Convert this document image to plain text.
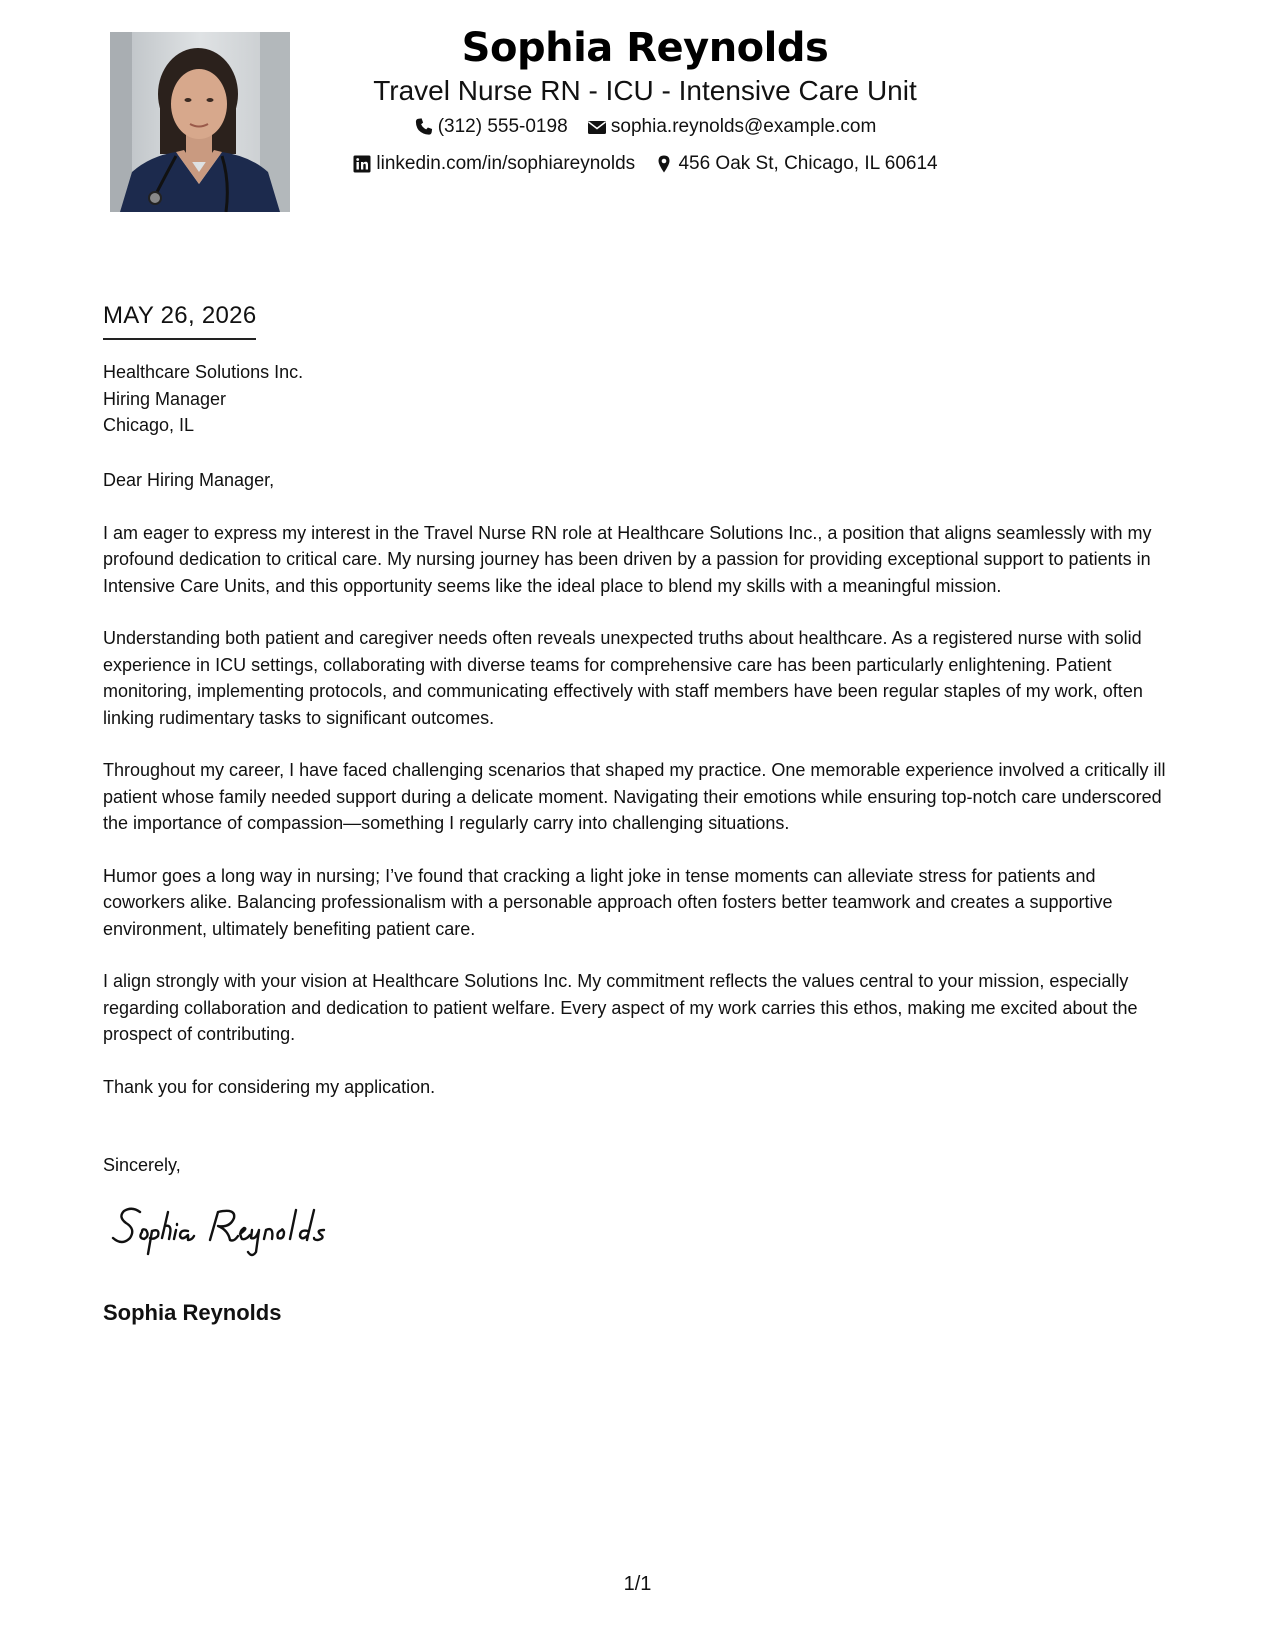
Sophia Reynolds
Travel Nurse RN - ICU - Intensive Care Unit
(312) 555-0198
sophia.reynolds@example.com
linkedin.com/in/sophiareynolds
456 Oak St, Chicago, IL 60614
MAY 26, 2026
Healthcare Solutions Inc.
Hiring Manager
Chicago, IL

Dear Hiring Manager,

I am eager to express my interest in the Travel Nurse RN role at Healthcare Solutions Inc., a position that aligns seamlessly with my profound dedication to critical care. My nursing journey has been driven by a passion for providing exceptional support to patients in Intensive Care Units, and this opportunity seems like the ideal place to blend my skills with a meaningful mission.

Understanding both patient and caregiver needs often reveals unexpected truths about healthcare. As a registered nurse with solid experience in ICU settings, collaborating with diverse teams for comprehensive care has been particularly enlightening. Patient monitoring, implementing protocols, and communicating effectively with staff members have been regular staples of my work, often linking rudimentary tasks to significant outcomes.

Throughout my career, I have faced challenging scenarios that shaped my practice. One memorable experience involved a critically ill patient whose family needed support during a delicate moment. Navigating their emotions while ensuring top-notch care underscored the importance of compassion—something I regularly carry into challenging situations.

Humor goes a long way in nursing; I’ve found that cracking a light joke in tense moments can alleviate stress for patients and coworkers alike. Balancing professionalism with a personable approach often fosters better teamwork and creates a supportive environment, ultimately benefiting patient care.

I align strongly with your vision at Healthcare Solutions Inc. My commitment reflects the values central to your mission, especially regarding collaboration and dedication to patient welfare. Every aspect of my work carries this ethos, making me excited about the prospect of contributing.

Thank you for considering my application.

Sincerely,
Sophia Reynolds
1/1
